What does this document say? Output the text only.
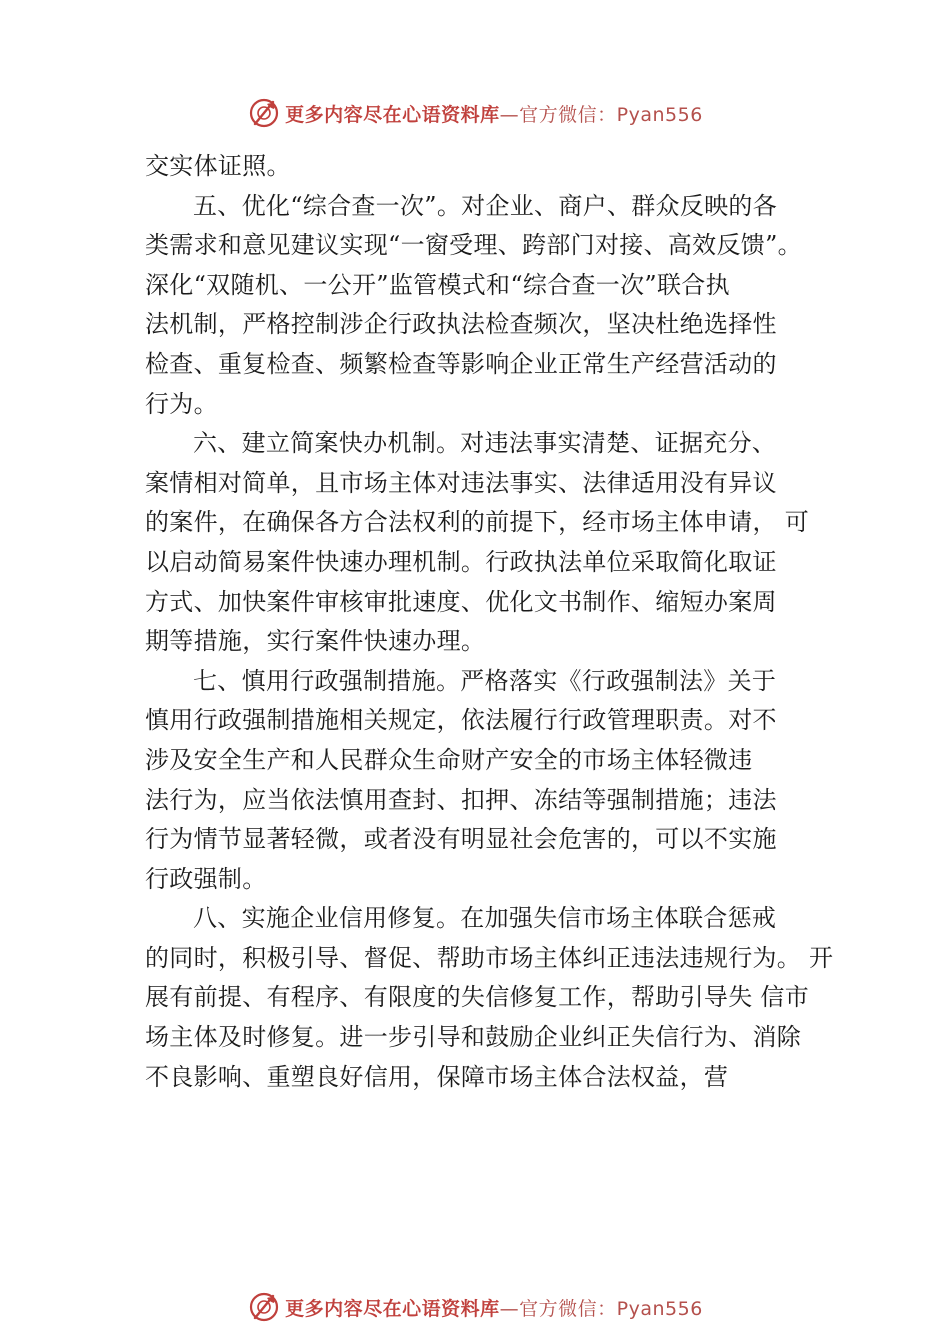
更多内容尽在心语资料库 —官方微信：Pyan556
交实体证照。
五、优化“综合查一次”。对企业、商户、群众反映的各
类需求和意见建议实现“一窗受理、跨部门对接、高效反馈”。
深化“双随机、一公开”监管模式和“综合查一次”联合执
法机制，严格控制涉企行政执法检查频次，坚决杜绝选择性
检查、重复检查、频繁检查等影响企业正常生产经营活动的
行为。
六、建立简案快办机制。对违法事实清楚、证据充分、
案情相对简单，且市场主体对违法事实、法律适用没有异议
的案件，在确保各方合法权利的前提下，经市场主体申请， 可
以启动简易案件快速办理机制。行政执法单位采取简化取证
方式、加快案件审核审批速度、优化文书制作、缩短办案周
期等措施，实行案件快速办理。
七、慎用行政强制措施。严格落实《行政强制法》关于
慎用行政强制措施相关规定，依法履行行政管理职责。对不
涉及安全生产和人民群众生命财产安全的市场主体轻微违
法行为，应当依法慎用查封、扣押、冻结等强制措施；违法
行为情节显著轻微，或者没有明显社会危害的，可以不实施
行政强制。
八、实施企业信用修复。在加强失信市场主体联合惩戒
的同时，积极引导、督促、帮助市场主体纠正违法违规行为。 开
展有前提、有程序、有限度的失信修复工作，帮助引导失 信市
场主体及时修复。进一步引导和鼓励企业纠正失信行为、消除
不良影响、重塑良好信用，保障市场主体合法权益，营
更多内容尽在心语资料库 —官方微信：Pyan556
